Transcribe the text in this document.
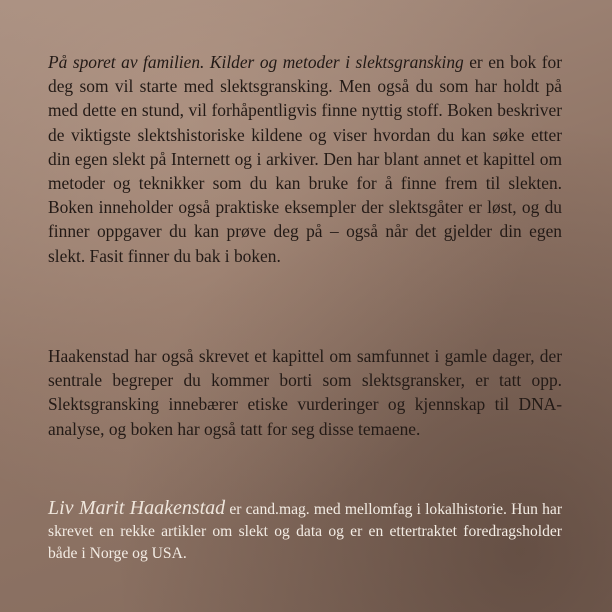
På sporet av familien. Kilder og metoder i slektsgransking er en bok for deg som vil starte med slektsgransking. Men også du som har holdt på med dette en stund, vil forhåpentligvis finne nyttig stoff. Boken beskriver de viktigste slektshistoriske kildene og viser hvordan du kan søke etter din egen slekt på Internett og i arkiver. Den har blant annet et kapittel om metoder og teknikker som du kan bruke for å finne frem til slekten. Boken inneholder også praktiske eksempler der slektsgåter er løst, og du finner oppgaver du kan prøve deg på – også når det gjelder din egen slekt. Fasit finner du bak i boken.

Haakenstad har også skrevet et kapittel om samfunnet i gamle dager, der sentrale begreper du kommer borti som slektsgransker, er tatt opp. Slektsgransking innebærer etiske vurderinger og kjennskap til DNA-analyse, og boken har også tatt for seg disse temaene.

Liv Marit Haakenstad er cand.mag. med mellomfag i lokalhistorie. Hun har skrevet en rekke artikler om slekt og data og er en ettertraktet foredragsholder både i Norge og USA.
